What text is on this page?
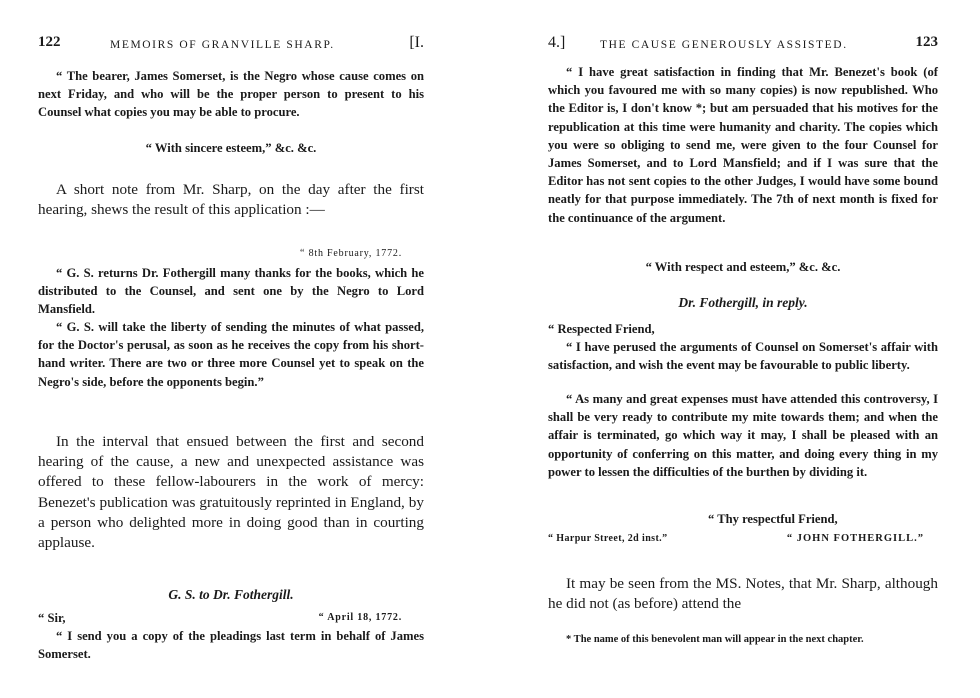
122	MEMOIRS OF GRANVILLE SHARP.	[I.

“ The bearer, James Somerset, is the Negro whose cause comes on next Friday, and who will be the proper person to present to his Counsel what copies you may be able to procure.

“ With sincere esteem,” &c. &c.

A short note from Mr. Sharp, on the day after the first hearing, shews the result of this application :—

“ 8th February, 1772.

“ G. S. returns Dr. Fothergill many thanks for the books, which he distributed to the Counsel, and sent one by the Negro to Lord Mansfield.

“ G. S. will take the liberty of sending the minutes of what passed, for the Doctor's perusal, as soon as he receives the copy from his short-hand writer. There are two or three more Counsel yet to speak on the Negro's side, before the opponents begin.”

In the interval that ensued between the first and second hearing of the cause, a new and unexpected assistance was offered to these fellow-labourers in the work of mercy: Benezet's publication was gratuitously reprinted in England, by a person who delighted more in doing good than in courting applause.

G. S. to Dr. Fothergill.

“ Sir,	“ April 18, 1772.

“ I send you a copy of the pleadings last term in behalf of James Somerset.

4.]	THE CAUSE GENEROUSLY ASSISTED.	123

“ I have great satisfaction in finding that Mr. Benezet's book (of which you favoured me with so many copies) is now republished. Who the Editor is, I don't know *; but am persuaded that his motives for the republication at this time were humanity and charity. The copies which you were so obliging to send me, were given to the four Counsel for James Somerset, and to Lord Mansfield; and if I was sure that the Editor has not sent copies to the other Judges, I would have some bound neatly for that purpose immediately. The 7th of next month is fixed for the continuance of the argument.

“ With respect and esteem,” &c. &c.

Dr. Fothergill, in reply.

“ Respected Friend,

“ I have perused the arguments of Counsel on Somerset's affair with satisfaction, and wish the event may be favourable to public liberty.

“ As many and great expenses must have attended this controversy, I shall be very ready to contribute my mite towards them; and when the affair is terminated, go which way it may, I shall be pleased with an opportunity of conferring on this matter, and doing every thing in my power to lessen the difficulties of the burthen by dividing it.

“ Thy respectful Friend,

“ Harpur Street, 2d inst.”	“ JOHN FOTHERGILL.”

It may be seen from the MS. Notes, that Mr. Sharp, although he did not (as before) attend the

* The name of this benevolent man will appear in the next chapter.
